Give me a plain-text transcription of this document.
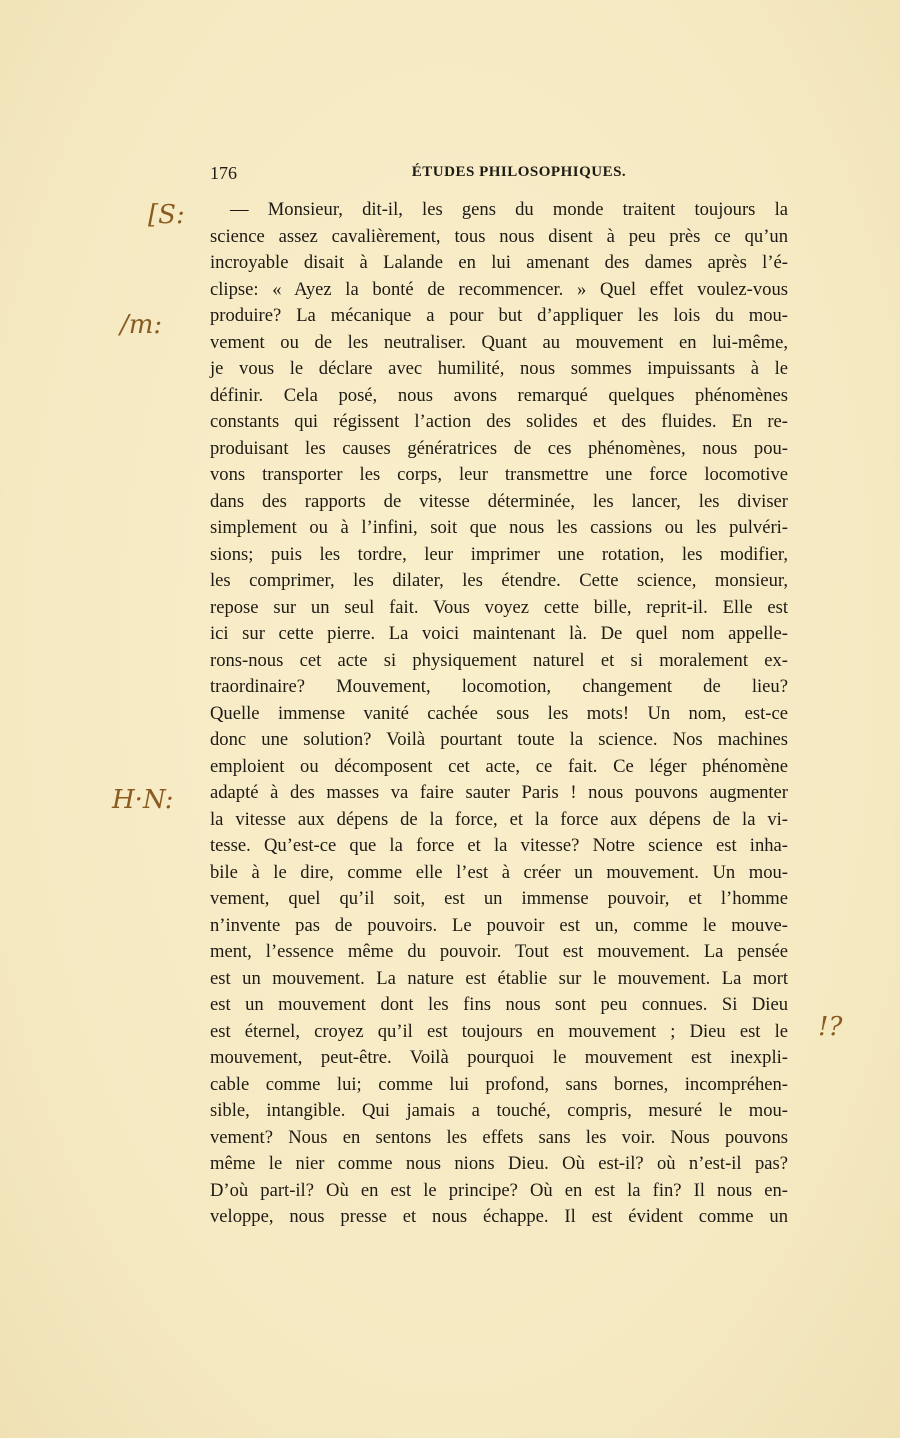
176	ÉTUDES PHILOSOPHIQUES.
— Monsieur, dit-il, les gens du monde traitent toujours la
science assez cavalièrement, tous nous disent à peu près ce qu’un
incroyable disait à Lalande en lui amenant des dames après l’é-
clipse: « Ayez la bonté de recommencer. » Quel effet voulez-vous
produire? La mécanique a pour but d’appliquer les lois du mou-
vement ou de les neutraliser. Quant au mouvement en lui-même,
je vous le déclare avec humilité, nous sommes impuissants à le
définir. Cela posé, nous avons remarqué quelques phénomènes
constants qui régissent l’action des solides et des fluides. En re-
produisant les causes génératrices de ces phénomènes, nous pou-
vons transporter les corps, leur transmettre une force locomotive
dans des rapports de vitesse déterminée, les lancer, les diviser
simplement ou à l’infini, soit que nous les cassions ou les pulvéri-
sions; puis les tordre, leur imprimer une rotation, les modifier,
les comprimer, les dilater, les étendre. Cette science, monsieur,
repose sur un seul fait. Vous voyez cette bille, reprit-il. Elle est
ici sur cette pierre. La voici maintenant là. De quel nom appelle-
rons-nous cet acte si physiquement naturel et si moralement ex-
traordinaire? Mouvement, locomotion, changement de lieu?
Quelle immense vanité cachée sous les mots! Un nom, est-ce
donc une solution? Voilà pourtant toute la science. Nos machines
emploient ou décomposent cet acte, ce fait. Ce léger phénomène
adapté à des masses va faire sauter Paris ! nous pouvons augmenter
la vitesse aux dépens de la force, et la force aux dépens de la vi-
tesse. Qu’est-ce que la force et la vitesse? Notre science est inha-
bile à le dire, comme elle l’est à créer un mouvement. Un mou-
vement, quel qu’il soit, est un immense pouvoir, et l’homme
n’invente pas de pouvoirs. Le pouvoir est un, comme le mouve-
ment, l’essence même du pouvoir. Tout est mouvement. La pensée
est un mouvement. La nature est établie sur le mouvement. La mort
est un mouvement dont les fins nous sont peu connues. Si Dieu
est éternel, croyez qu’il est toujours en mouvement ; Dieu est le
mouvement, peut-être. Voilà pourquoi le mouvement est inexpli-
cable comme lui; comme lui profond, sans bornes, incompréhen-
sible, intangible. Qui jamais a touché, compris, mesuré le mou-
vement? Nous en sentons les effets sans les voir. Nous pouvons
même le nier comme nous nions Dieu. Où est-il? où n’est-il pas?
D’où part-il? Où en est le principe? Où en est la fin? Il nous en-
veloppe, nous presse et nous échappe. Il est évident comme un
[S:
/m:
H·N:
!?
